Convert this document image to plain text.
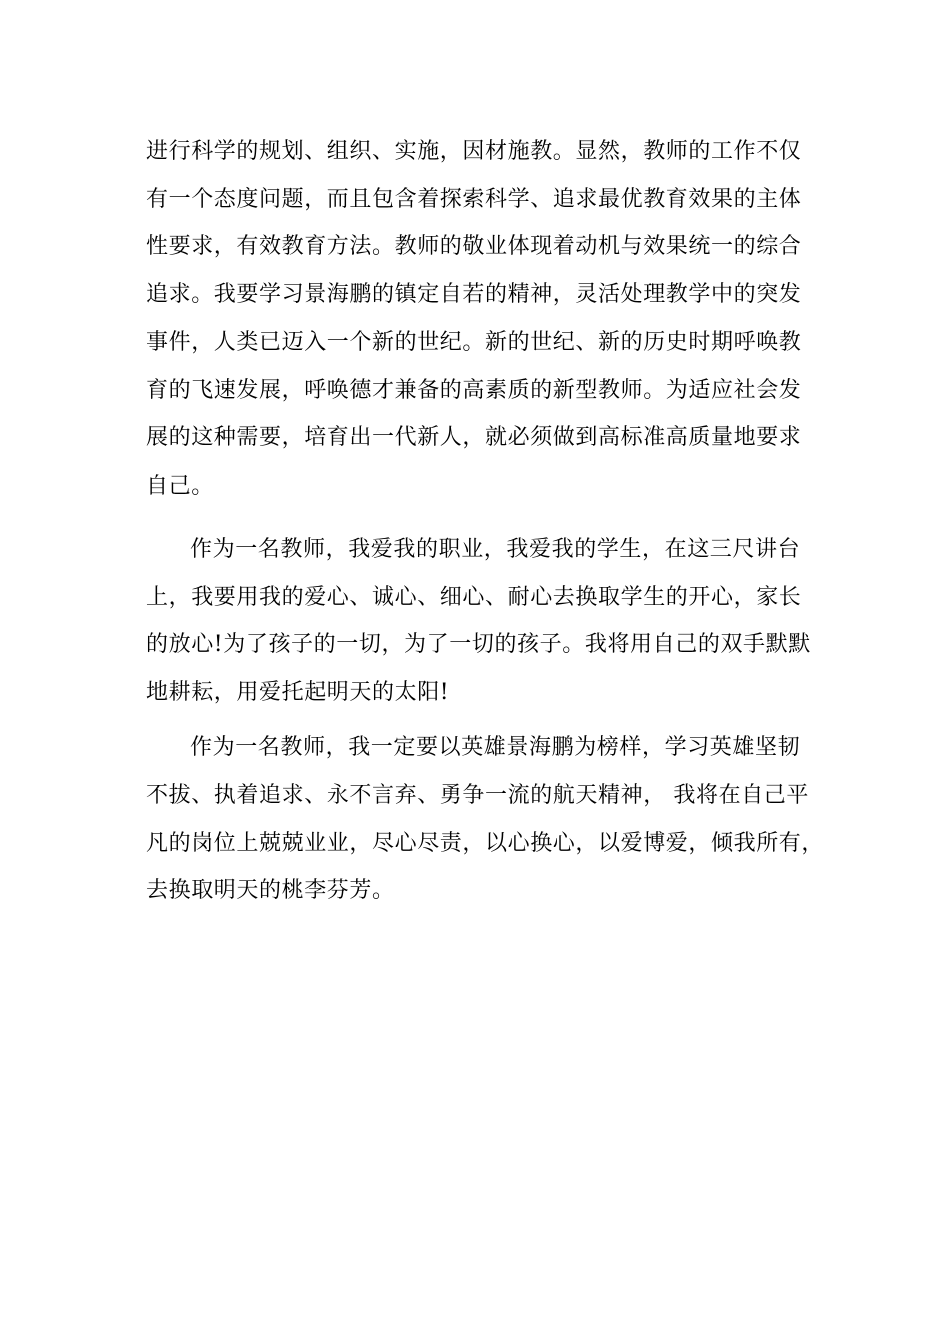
进行科学的规划、组织、实施，因材施教。显然，教师的工作不仅
有一个态度问题，而且包含着探索科学、追求最优教育效果的主体
性要求，有效教育方法。教师的敬业体现着动机与效果统一的综合
追求。我要学习景海鹏的镇定自若的精神，灵活处理教学中的突发
事件，人类已迈入一个新的世纪。新的世纪、新的历史时期呼唤教
育的飞速发展，呼唤德才兼备的高素质的新型教师。为适应社会发
展的这种需要，培育出一代新人，就必须做到高标准高质量地要求
自己。
作为一名教师，我爱我的职业，我爱我的学生，在这三尺讲台
上，我要用我的爱心、诚心、细心、耐心去换取学生的开心，家长
的放心!为了孩子的一切，为了一切的孩子。我将用自己的双手默默
地耕耘，用爱托起明天的太阳!
作为一名教师，我一定要以英雄景海鹏为榜样，学习英雄坚韧
不拔、执着追求、永不言弃、勇争一流的航天精神， 我将在自己平
凡的岗位上兢兢业业，尽心尽责，以心换心，以爱博爱，倾我所有，
去换取明天的桃李芬芳。
